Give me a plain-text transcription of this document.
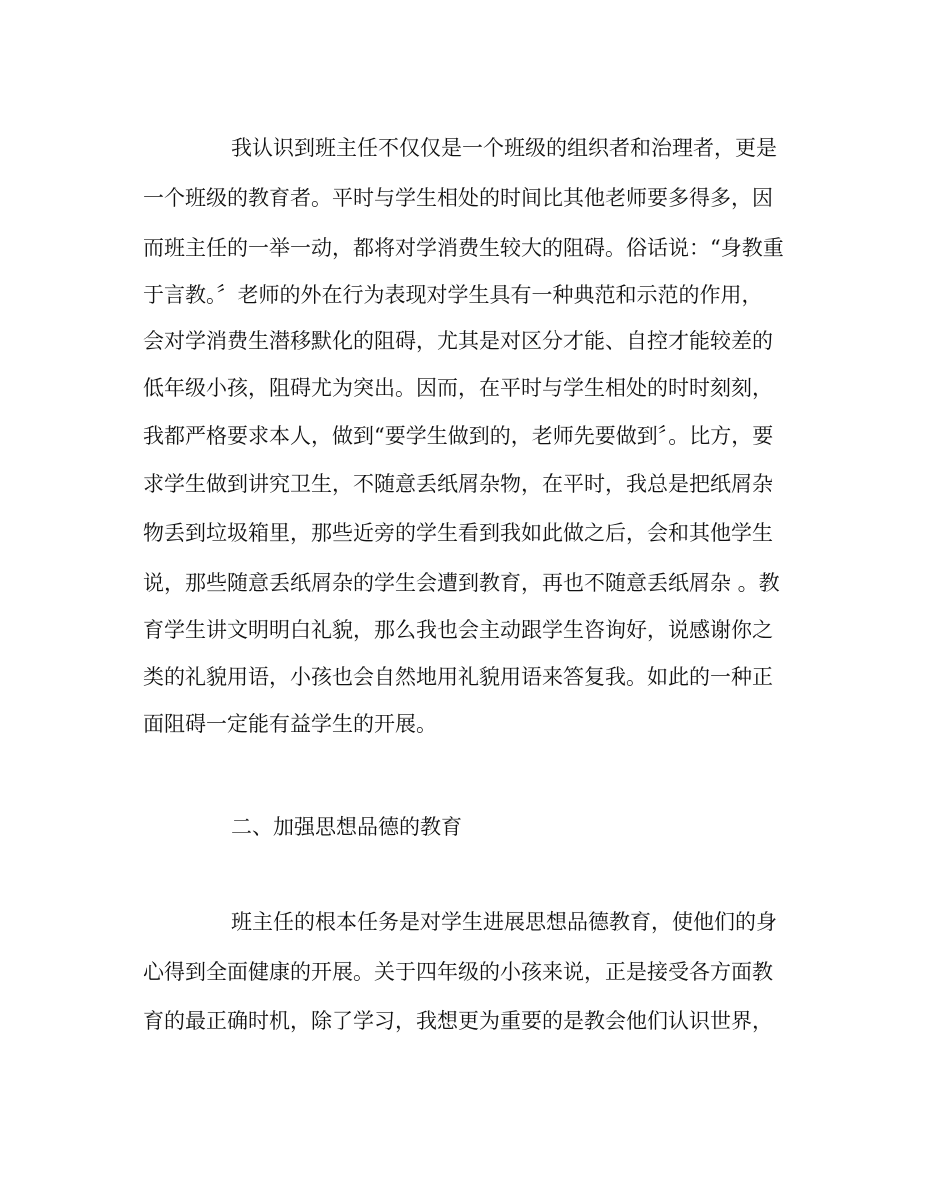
我认识到班主任不仅仅是一个班级的组织者和治理者，更是
一个班级的教育者。平时与学生相处的时间比其他老师要多得多，因
而班主任的一举一动，都将对学消费生较大的阻碍。俗话说：“身教重
于言教。〞老师的外在行为表现对学生具有一种典范和示范的作用，
会对学消费生潜移默化的阻碍，尤其是对区分才能、自控才能较差的
低年级小孩，阻碍尤为突出。因而，在平时与学生相处的时时刻刻，
我都严格要求本人，做到“要学生做到的，老师先要做到〞。比方，要
求学生做到讲究卫生，不随意丢纸屑杂物，在平时，我总是把纸屑杂
物丢到垃圾箱里，那些近旁的学生看到我如此做之后，会和其他学生
说，那些随意丢纸屑杂的学生会遭到教育，再也不随意丢纸屑杂 。教
育学生讲文明明白礼貌，那么我也会主动跟学生咨询好，说感谢你之
类的礼貌用语，小孩也会自然地用礼貌用语来答复我。如此的一种正
面阻碍一定能有益学生的开展。
二、加强思想品德的教育
班主任的根本任务是对学生进展思想品德教育，使他们的身
心得到全面健康的开展。关于四年级的小孩来说，正是接受各方面教
育的最正确时机，除了学习，我想更为重要的是教会他们认识世界，
